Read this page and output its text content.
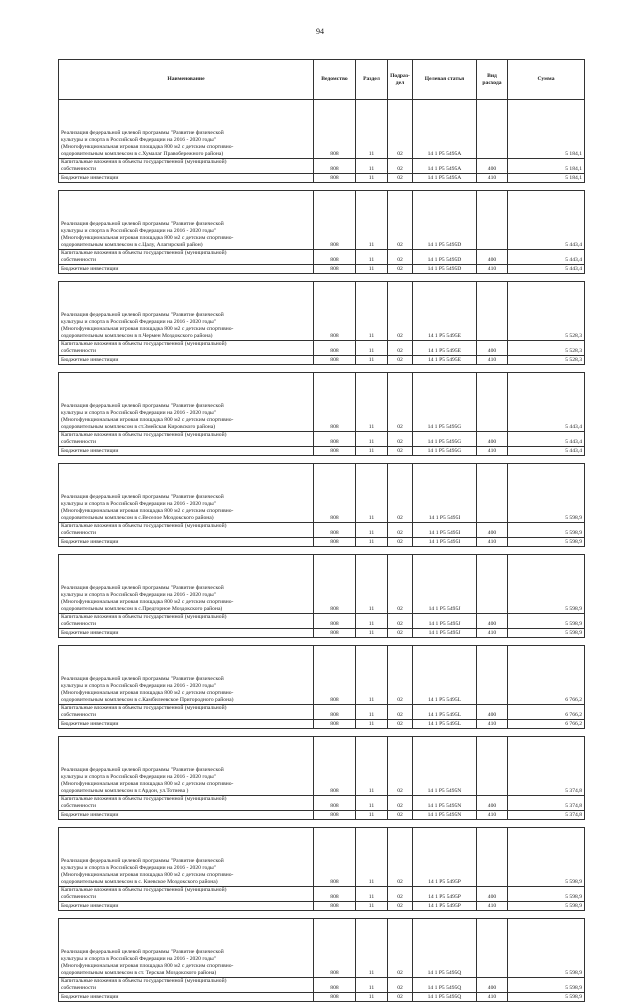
94
Наименование	Ведомство	Раздел	Подраз-
дел	Целевая статья	Вид
расхода	Сумма
Реализация федеральной целевой программы "Развитие физической
культуры и спорта в Российской Федерации на 2016 - 2020 годы"
(Многофункциональная игровая площадка 800 м2 с детским спортивно-
оздоровительным комплексом в с.Хумалаг Правобережного района)	808	11	02	14 1 P5 5495A		5 184,1
Капитальные вложения в объекты государственной (муниципальной)
собственности	808	11	02	14 1 P5 5495A	400	5 184,1
Бюджетные инвестиции	808	11	02	14 1 P5 5495A	410	5 184,1

Реализация федеральной целевой программы "Развитие физической
культуры и спорта в Российской Федерации на 2016 - 2020 годы"
(Многофункциональная игровая площадка 800 м2 с детским спортивно-
оздоровительным комплексом в с.Цалу, Алагирский район)	808	11	02	14 1 P5 5495D		5 443,4
Капитальные вложения в объекты государственной (муниципальной)
собственности	808	11	02	14 1 P5 5495D	400	5 443,4
Бюджетные инвестиции	808	11	02	14 1 P5 5495D	410	5 443,4

Реализация федеральной целевой программы "Развитие физической
культуры и спорта в Российской Федерации на 2016 - 2020 годы"
(Многофункциональная игровая площадка 800 м2 с детским спортивно-
оздоровительным комплексом в п.Чермен Моздокского района)	808	11	02	14 1 P5 5495E		5 528,3
Капитальные вложения в объекты государственной (муниципальной)
собственности	808	11	02	14 1 P5 5495E	400	5 528,3
Бюджетные инвестиции	808	11	02	14 1 P5 5495E	410	5 528,3

Реализация федеральной целевой программы "Развитие физической
культуры и спорта в Российской Федерации на 2016 - 2020 годы"
(Многофункциональная игровая площадка 800 м2 с детским спортивно-
оздоровительным комплексом в ст.Змейская Кировского района)	808	11	02	14 1 P5 5495G		5 443,4
Капитальные вложения в объекты государственной (муниципальной)
собственности	808	11	02	14 1 P5 5495G	400	5 443,4
Бюджетные инвестиции	808	11	02	14 1 P5 5495G	410	5 443,4

Реализация федеральной целевой программы "Развитие физической
культуры и спорта в Российской Федерации на 2016 - 2020 годы"
(Многофункциональная игровая площадка 800 м2 с детским спортивно-
оздоровительным комплексом в с.Веселое Моздокского района)	808	11	02	14 1 P5 5495I		5 598,9
Капитальные вложения в объекты государственной (муниципальной)
собственности	808	11	02	14 1 P5 5495I	400	5 598,9
Бюджетные инвестиции	808	11	02	14 1 P5 5495I	410	5 598,9

Реализация федеральной целевой программы "Развитие физической
культуры и спорта в Российской Федерации на 2016 - 2020 годы"
(Многофункциональная игровая площадка 800 м2 с детским спортивно-
оздоровительным комплексом в с.Предгорное Моздокского района)	808	11	02	14 1 P5 5495J		5 598,9
Капитальные вложения в объекты государственной (муниципальной)
собственности	808	11	02	14 1 P5 5495J	400	5 598,9
Бюджетные инвестиции	808	11	02	14 1 P5 5495J	410	5 598,9

Реализация федеральной целевой программы "Развитие физической
культуры и спорта в Российской Федерации на 2016 - 2020 годы"
(Многофункциональная игровая площадка 800 м2 с детским спортивно-
оздоровительным комплексом в с.Камбилеевское Пригородного района)	808	11	02	14 1 P5 5495L		6 766,2
Капитальные вложения в объекты государственной (муниципальной)
собственности	808	11	02	14 1 P5 5495L	400	6 766,2
Бюджетные инвестиции	808	11	02	14 1 P5 5495L	410	6 766,2

Реализация федеральной целевой программы "Развитие физической
культуры и спорта в Российской Федерации на 2016 - 2020 годы"
(Многофункциональная игровая площадка 800 м2 с детским спортивно-
оздоровительным комплексом в г.Ардон, ул.Тотиева )	808	11	02	14 1 P5 5495N		5 374,8
Капитальные вложения в объекты государственной (муниципальной)
собственности	808	11	02	14 1 P5 5495N	400	5 374,8
Бюджетные инвестиции	808	11	02	14 1 P5 5495N	410	5 374,8

Реализация федеральной целевой программы "Развитие физической
культуры и спорта в Российской Федерации на 2016 - 2020 годы"
(Многофункциональная игровая площадка 800 м2 с детским спортивно-
оздоровительным комплексом в с. Киевское Моздокского района)	808	11	02	14 1 P5 5495P		5 598,9
Капитальные вложения в объекты государственной (муниципальной)
собственности	808	11	02	14 1 P5 5495P	400	5 598,9
Бюджетные инвестиции	808	11	02	14 1 P5 5495P	410	5 598,9

Реализация федеральной целевой программы "Развитие физической
культуры и спорта в Российской Федерации на 2016 - 2020 годы"
(Многофункциональная игровая площадка 800 м2 с детским спортивно-
оздоровительным комплексом в ст. Терская Моздокского района)	808	11	02	14 1 P5 5495Q		5 598,9
Капитальные вложения в объекты государственной (муниципальной)
собственности	808	11	02	14 1 P5 5495Q	400	5 598,9
Бюджетные инвестиции	808	11	02	14 1 P5 5495Q	410	5 598,9
